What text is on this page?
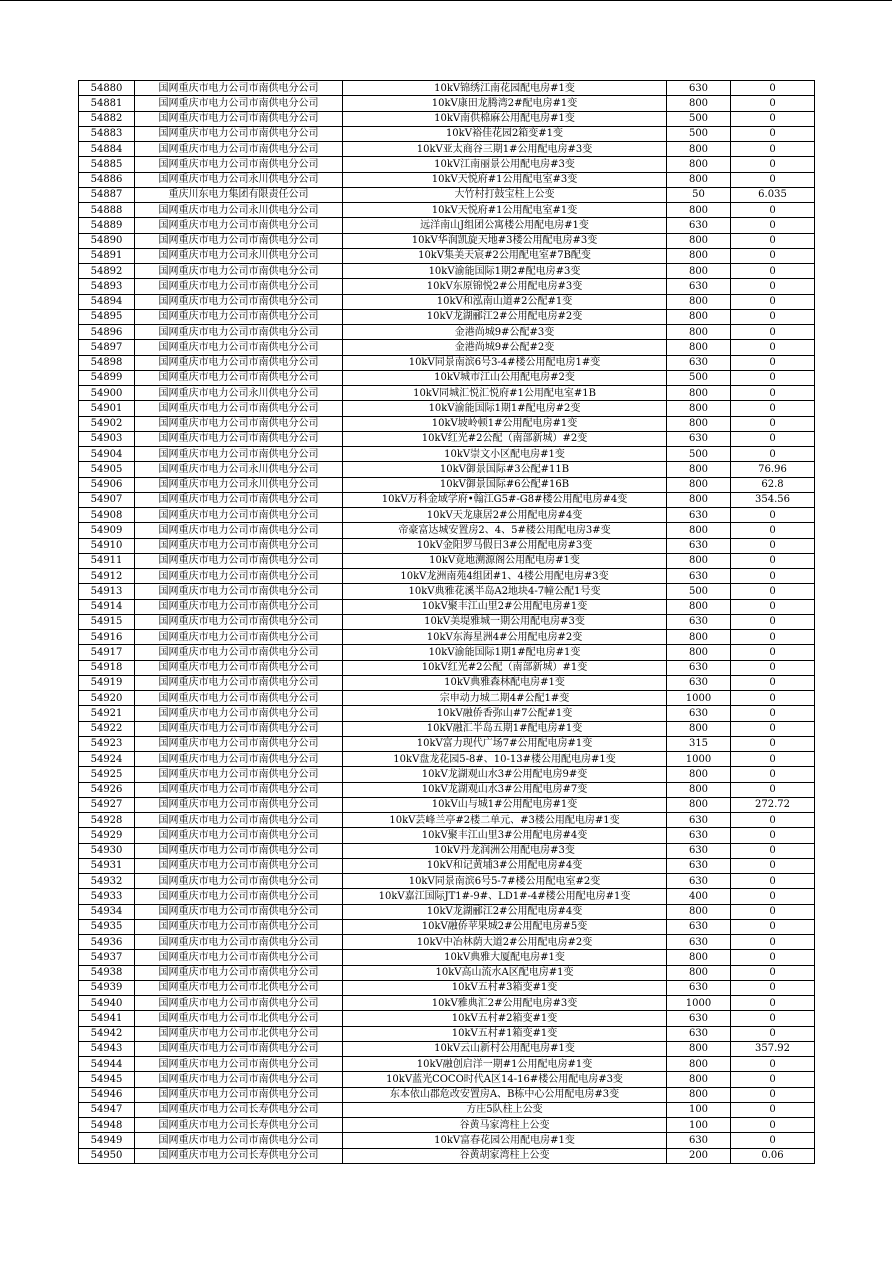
54880	国网重庆市电力公司市南供电分公司	10kV锦绣江南花园配电房#1变	630	0
54881	国网重庆市电力公司市南供电分公司	10kV康田龙腾湾2#配电房#1变	800	0
54882	国网重庆市电力公司市南供电分公司	10kV南供棉麻公用配电房#1变	500	0
54883	国网重庆市电力公司市南供电分公司	10kV裕佳花园2箱变#1变	500	0
54884	国网重庆市电力公司市南供电分公司	10kV亚太商谷三期1#公用配电房#3变	800	0
54885	国网重庆市电力公司市南供电分公司	10kV江南丽景公用配电房#3变	800	0
54886	国网重庆市电力公司永川供电分公司	10kV天悦府#1公用配电室#3变	800	0
54887	重庆川东电力集团有限责任公司	大竹村打鼓宝柱上公变	50	6.035
54888	国网重庆市电力公司永川供电分公司	10kV天悦府#1公用配电室#1变	800	0
54889	国网重庆市电力公司市南供电分公司	远洋南山J组团公寓楼公用配电房#1变	630	0
54890	国网重庆市电力公司市南供电分公司	10kV华润凯旋天地#3楼公用配电房#3变	800	0
54891	国网重庆市电力公司永川供电分公司	10kV集美天宸#2公用配电室#7B配变	800	0
54892	国网重庆市电力公司市南供电分公司	10kV渝能国际1期2#配电房#3变	800	0
54893	国网重庆市电力公司市南供电分公司	10kV东原锦悦2#公用配电房#3变	630	0
54894	国网重庆市电力公司市南供电分公司	10kV和泓南山道#2公配#1变	800	0
54895	国网重庆市电力公司市南供电分公司	10kV龙湖郦江2#公用配电房#2变	800	0
54896	国网重庆市电力公司市南供电分公司	金港尚城9#公配#3变	800	0
54897	国网重庆市电力公司市南供电分公司	金港尚城9#公配#2变	800	0
54898	国网重庆市电力公司市南供电分公司	10kV同景南滨6号3-4#楼公用配电房1#变	630	0
54899	国网重庆市电力公司市南供电分公司	10kV城市江山公用配电房#2变	500	0
54900	国网重庆市电力公司永川供电分公司	10kV同城汇悦汇悦府#1公用配电室#1B	800	0
54901	国网重庆市电力公司市南供电分公司	10kV渝能国际1期1#配电房#2变	800	0
54902	国网重庆市电力公司市南供电分公司	10kV坡岭顿1#公用配电房#1变	800	0
54903	国网重庆市电力公司市南供电分公司	10kV红光#2公配（南部新城）#2变	630	0
54904	国网重庆市电力公司市南供电分公司	10kV崇文小区配电房#1变	500	0
54905	国网重庆市电力公司永川供电分公司	10kV御景国际#3公配#11B	800	76.96
54906	国网重庆市电力公司永川供电分公司	10kV御景国际#6公配#16B	800	62.8
54907	国网重庆市电力公司市南供电分公司	10kV万科金域学府•翰江G5#-G8#楼公用配电房#4变	800	354.56
54908	国网重庆市电力公司市南供电分公司	10kV天龙康居2#公用配电房#4变	630	0
54909	国网重庆市电力公司市南供电分公司	帝豪富达城安置房2、4、5#楼公用配电房3#变	800	0
54910	国网重庆市电力公司市南供电分公司	10kV金阳罗马假日3#公用配电房#3变	630	0
54911	国网重庆市电力公司市南供电分公司	10kV竟地溯源阁公用配电房#1变	800	0
54912	国网重庆市电力公司市南供电分公司	10kV龙洲南苑4组团#1、4楼公用配电房#3变	630	0
54913	国网重庆市电力公司市南供电分公司	10kV典雅花溪半岛A2地块4-7幢公配1号变	500	0
54914	国网重庆市电力公司市南供电分公司	10kV聚丰江山里2#公用配电房#1变	800	0
54915	国网重庆市电力公司市南供电分公司	10kV美堤雅城一期公用配电房#3变	630	0
54916	国网重庆市电力公司市南供电分公司	10kV东海星洲4#公用配电房#2变	800	0
54917	国网重庆市电力公司市南供电分公司	10kV渝能国际1期1#配电房#1变	800	0
54918	国网重庆市电力公司市南供电分公司	10kV红光#2公配（南部新城）#1变	630	0
54919	国网重庆市电力公司市南供电分公司	10kV典雅森林配电房#1变	630	0
54920	国网重庆市电力公司市南供电分公司	宗申动力城二期4#公配1#变	1000	0
54921	国网重庆市电力公司市南供电分公司	10kV融侨香弥山#7公配#1变	630	0
54922	国网重庆市电力公司市南供电分公司	10kV融汇半岛五期1#配电房#1变	800	0
54923	国网重庆市电力公司市南供电分公司	10kV富力现代广场7#公用配电房#1变	315	0
54924	国网重庆市电力公司市南供电分公司	10kV盘龙花园5-8#、10-13#楼公用配电房#1变	1000	0
54925	国网重庆市电力公司市南供电分公司	10kV龙湖观山水3#公用配电房9#变	800	0
54926	国网重庆市电力公司市南供电分公司	10kV龙湖观山水3#公用配电房#7变	800	0
54927	国网重庆市电力公司市南供电分公司	10kV山与城1#公用配电房#1变	800	272.72
54928	国网重庆市电力公司市南供电分公司	10kV芸峰兰亭#2楼二单元、#3楼公用配电房#1变	630	0
54929	国网重庆市电力公司市南供电分公司	10kV聚丰江山里3#公用配电房#4变	630	0
54930	国网重庆市电力公司市南供电分公司	10kV丹龙润洲公用配电房#3变	630	0
54931	国网重庆市电力公司市南供电分公司	10kV和记黄埔3#公用配电房#4变	630	0
54932	国网重庆市电力公司市南供电分公司	10kV同景南滨6号5-7#楼公用配电室#2变	630	0
54933	国网重庆市电力公司市南供电分公司	10kV嘉江国际JT1#-9#、LD1#-4#楼公用配电房#1变	400	0
54934	国网重庆市电力公司市南供电分公司	10kV龙湖郦江2#公用配电房#4变	800	0
54935	国网重庆市电力公司市南供电分公司	10kV融侨苹果城2#公用配电房#5变	630	0
54936	国网重庆市电力公司市南供电分公司	10kV中冶林荫大道2#公用配电房#2变	630	0
54937	国网重庆市电力公司市南供电分公司	10kV典雅大厦配电房#1变	800	0
54938	国网重庆市电力公司市南供电分公司	10kV高山流水A区配电房#1变	800	0
54939	国网重庆市电力公司市北供电分公司	10kV五村#3箱变#1变	630	0
54940	国网重庆市电力公司市南供电分公司	10kV雅典汇2#公用配电房#3变	1000	0
54941	国网重庆市电力公司市北供电分公司	10kV五村#2箱变#1变	630	0
54942	国网重庆市电力公司市北供电分公司	10kV五村#1箱变#1变	630	0
54943	国网重庆市电力公司市南供电分公司	10kV云山新村公用配电房#1变	800	357.92
54944	国网重庆市电力公司市南供电分公司	10kV融创启洋一期#1公用配电房#1变	800	0
54945	国网重庆市电力公司市南供电分公司	10kV蓝光COCO时代A区14-16#楼公用配电房#3变	800	0
54946	国网重庆市电力公司市南供电分公司	东本依山郡危改安置房A、B栋中心公用配电房#3变	800	0
54947	国网重庆市电力公司长寿供电分公司	方庄5队柱上公变	100	0
54948	国网重庆市电力公司长寿供电分公司	谷黄马家湾柱上公变	100	0
54949	国网重庆市电力公司市南供电分公司	10kV富春花园公用配电房#1变	630	0
54950	国网重庆市电力公司长寿供电分公司	谷黄胡家湾柱上公变	200	0.06
